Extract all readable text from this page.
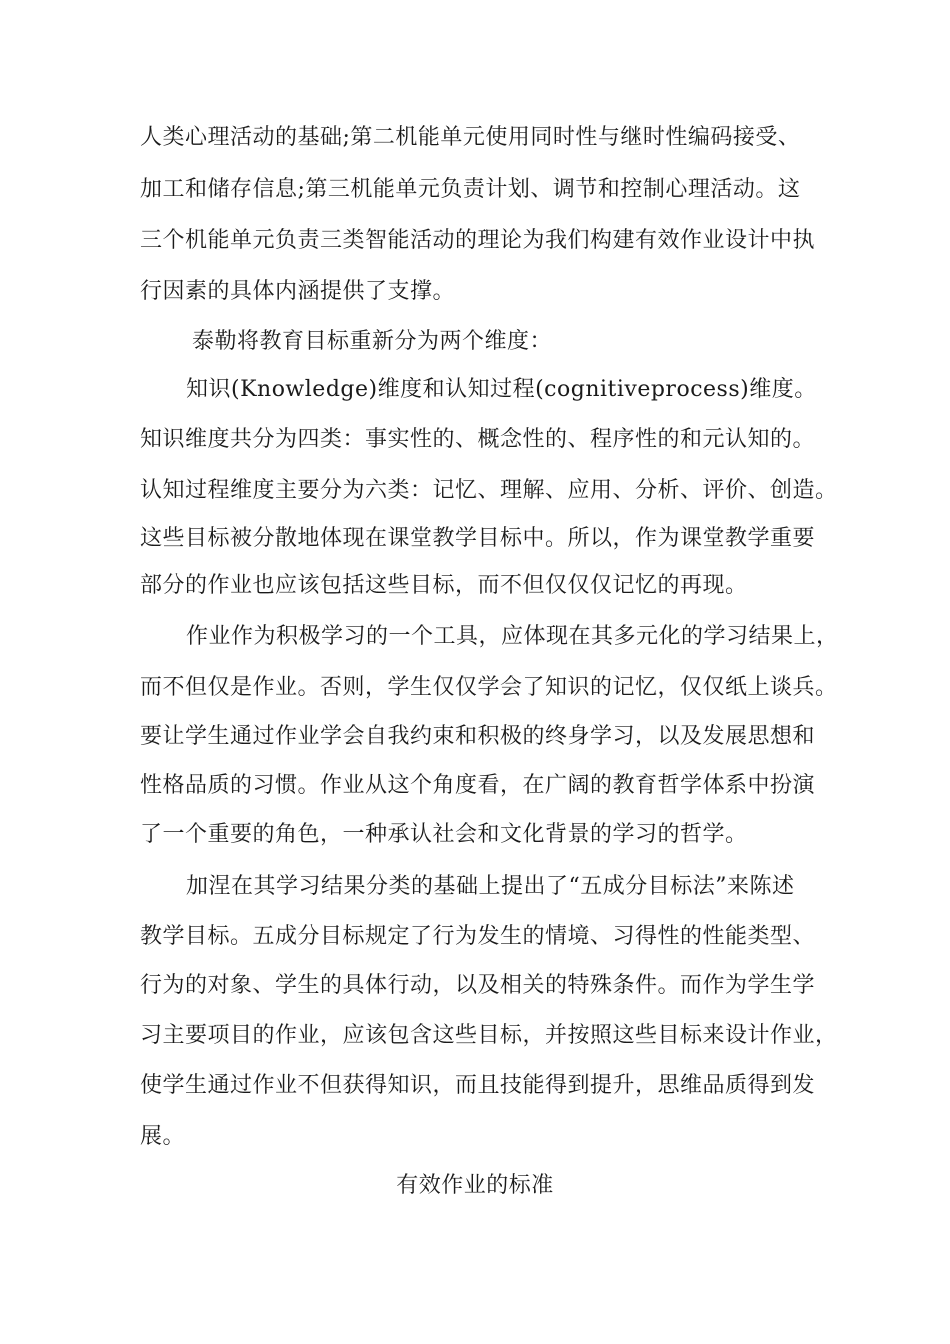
人类心理活动的基础;第二机能单元使用同时性与继时性编码接受、
加工和储存信息;第三机能单元负责计划、调节和控制心理活动。这
三个机能单元负责三类智能活动的理论为我们构建有效作业设计中执
行因素的具体内涵提供了支撑。
泰勒将教育目标重新分为两个维度：
知识(Knowledge)维度和认知过程(cognitiveprocess)维度。
知识维度共分为四类：事实性的、概念性的、程序性的和元认知的。
认知过程维度主要分为六类：记忆、理解、应用、分析、评价、创造。
这些目标被分散地体现在课堂教学目标中。所以，作为课堂教学重要
部分的作业也应该包括这些目标，而不但仅仅仅记忆的再现。
作业作为积极学习的一个工具，应体现在其多元化的学习结果上，
而不但仅是作业。否则，学生仅仅学会了知识的记忆，仅仅纸上谈兵。
要让学生通过作业学会自我约束和积极的终身学习，以及发展思想和
性格品质的习惯。作业从这个角度看，在广阔的教育哲学体系中扮演
了一个重要的角色，一种承认社会和文化背景的学习的哲学。
加涅在其学习结果分类的基础上提出了“五成分目标法”来陈述
教学目标。五成分目标规定了行为发生的情境、习得性的性能类型、
行为的对象、学生的具体行动，以及相关的特殊条件。而作为学生学
习主要项目的作业，应该包含这些目标，并按照这些目标来设计作业，
使学生通过作业不但获得知识，而且技能得到提升，思维品质得到发
展。
有效作业的标准
